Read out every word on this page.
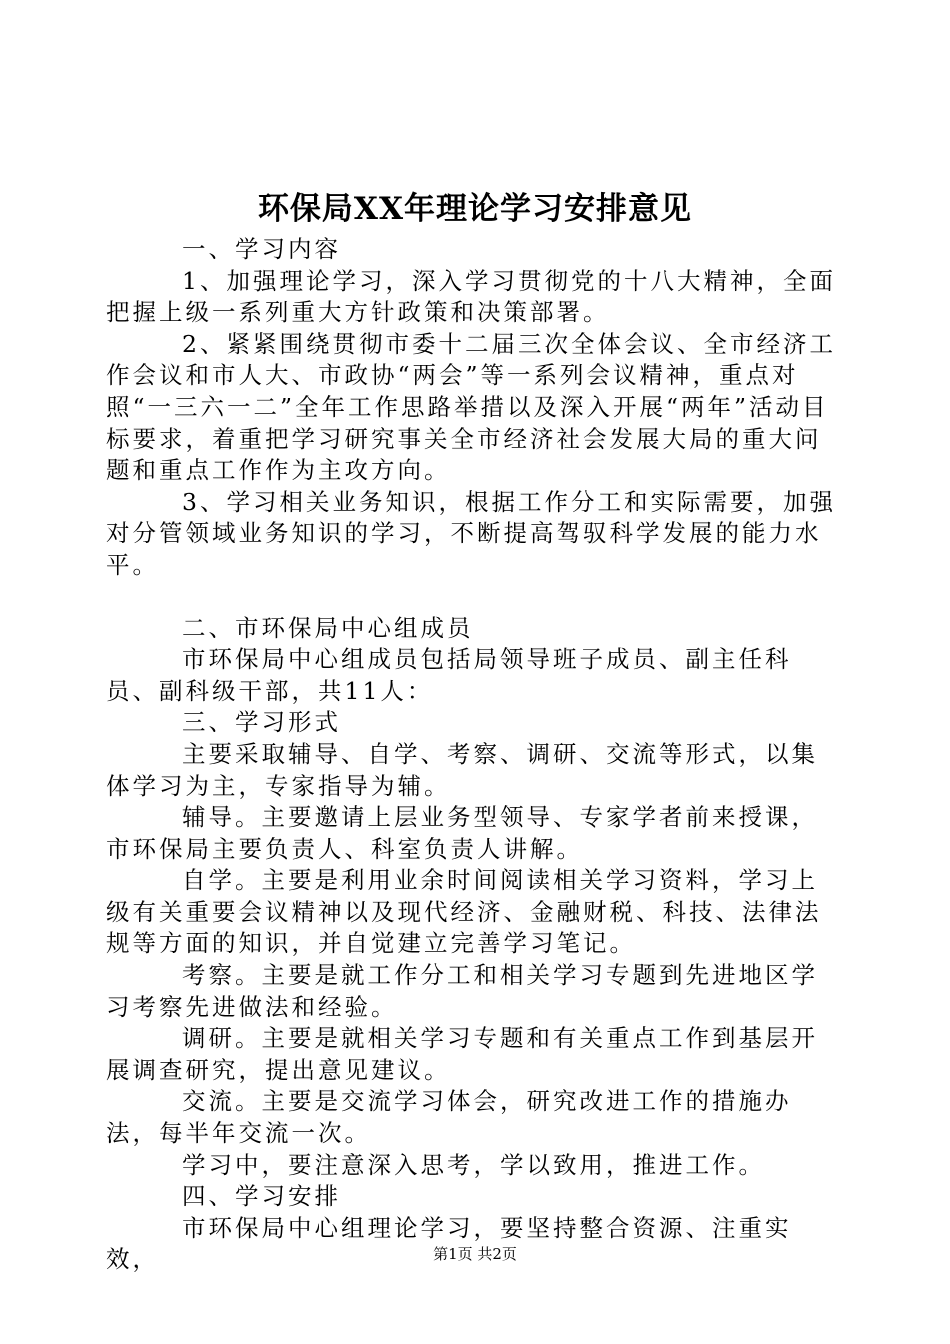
环保局XX年理论学习安排意见

一、学习内容

1、加强理论学习，深入学习贯彻党的十八大精神，全面把握上级一系列重大方针政策和决策部署。

2、紧紧围绕贯彻市委十二届三次全体会议、全市经济工作会议和市人大、市政协“两会”等一系列会议精神，重点对照“一三六一二”全年工作思路举措以及深入开展“两年”活动目标要求，着重把学习研究事关全市经济社会发展大局的重大问题和重点工作作为主攻方向。

3、学习相关业务知识，根据工作分工和实际需要，加强对分管领域业务知识的学习，不断提高驾驭科学发展的能力水平。

二、市环保局中心组成员

市环保局中心组成员包括局领导班子成员、副主任科员、副科级干部，共11人：

三、学习形式

主要采取辅导、自学、考察、调研、交流等形式，以集体学习为主，专家指导为辅。

辅导。主要邀请上层业务型领导、专家学者前来授课，市环保局主要负责人、科室负责人讲解。

自学。主要是利用业余时间阅读相关学习资料，学习上级有关重要会议精神以及现代经济、金融财税、科技、法律法规等方面的知识，并自觉建立完善学习笔记。

考察。主要是就工作分工和相关学习专题到先进地区学习考察先进做法和经验。

调研。主要是就相关学习专题和有关重点工作到基层开展调查研究，提出意见建议。

交流。主要是交流学习体会，研究改进工作的措施办法，每半年交流一次。

学习中，要注意深入思考，学以致用，推进工作。

四、学习安排

市环保局中心组理论学习，要坚持整合资源、注重实效，	第1页 共2页
